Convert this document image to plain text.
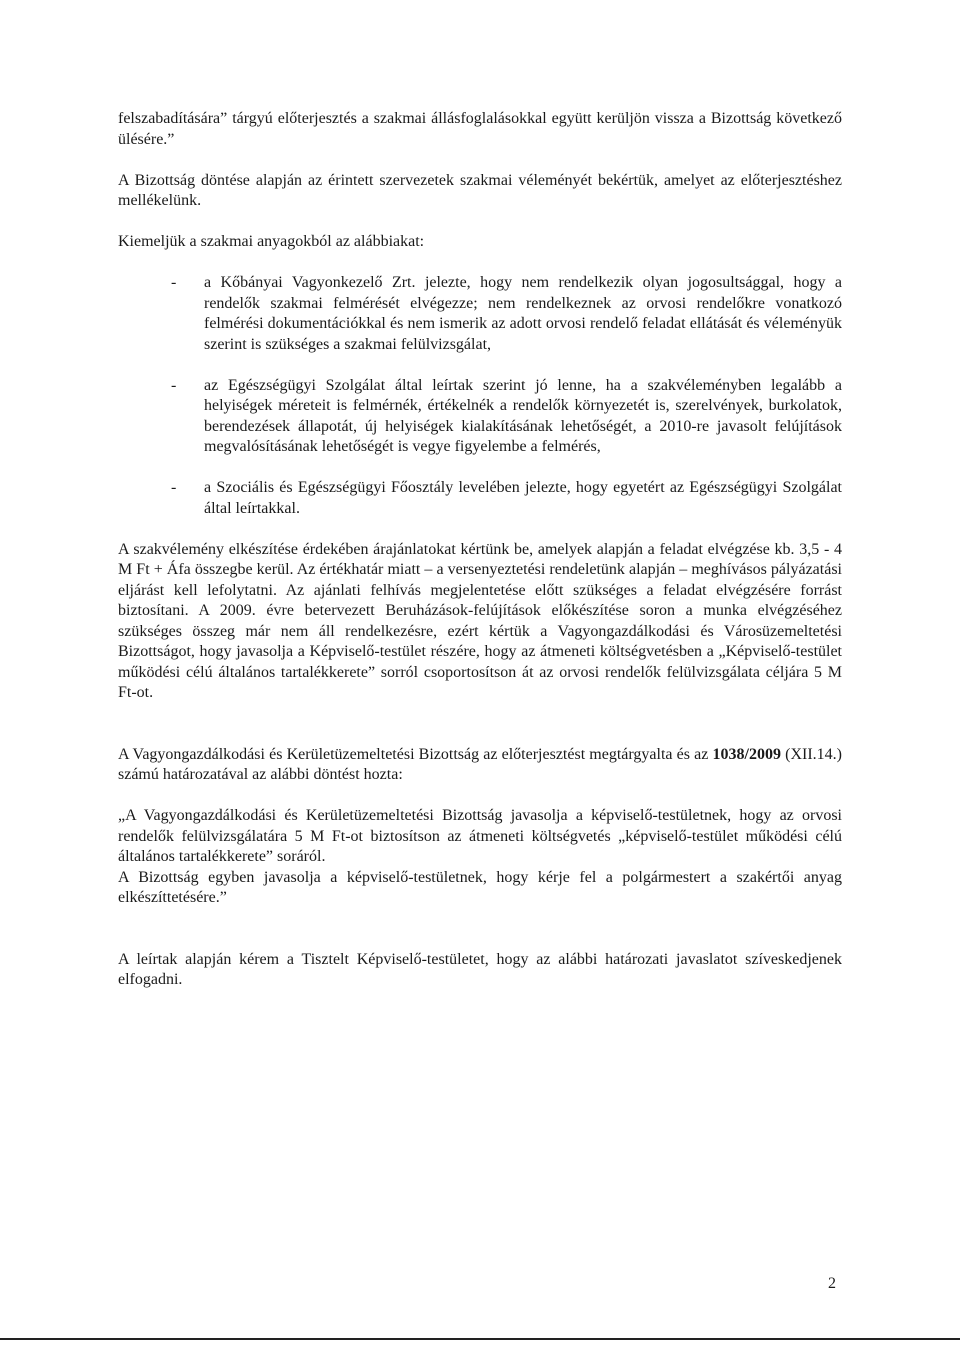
felszabadítására” tárgyú előterjesztés a szakmai állásfoglalásokkal együtt kerüljön vissza a Bizottság következő ülésére.”

A Bizottság döntése alapján az érintett szervezetek szakmai véleményét bekértük, amelyet az előterjesztéshez mellékelünk.

Kiemeljük a szakmai anyagokból az alábbiakat:

- a Kőbányai Vagyonkezelő Zrt. jelezte, hogy nem rendelkezik olyan jogosultsággal, hogy a rendelők szakmai felmérését elvégezze; nem rendelkeznek az orvosi rendelőkre vonatkozó felmérési dokumentációkkal és nem ismerik az adott orvosi rendelő feladat ellátását és véleményük szerint is szükséges a szakmai felülvizsgálat,
- az Egészségügyi Szolgálat által leírtak szerint jó lenne, ha a szakvéleményben legalább a helyiségek méreteit is felmérnék, értékelnék a rendelők környezetét is, szerelvények, burkolatok, berendezések állapotát, új helyiségek kialakításának lehetőségét, a 2010-re javasolt felújítások megvalósításának lehetőségét is vegye figyelembe a felmérés,
- a Szociális és Egészségügyi Főosztály levelében jelezte, hogy egyetért az Egészségügyi Szolgálat által leírtakkal.

A szakvélemény elkészítése érdekében árajánlatokat kértünk be, amelyek alapján a feladat elvégzése kb. 3,5 - 4 M Ft + Áfa összegbe kerül. Az értékhatár miatt – a versenyeztetési rendeletünk alapján – meghívásos pályázatási eljárást kell lefolytatni. Az ajánlati felhívás megjelentetése előtt szükséges a feladat elvégzésére forrást biztosítani. A 2009. évre betervezett Beruházások-felújítások előkészítése soron a munka elvégzéséhez szükséges összeg már nem áll rendelkezésre, ezért kértük a Vagyongazdálkodási és Városüzemeltetési Bizottságot, hogy javasolja a Képviselő-testület részére, hogy az átmeneti költségvetésben a „Képviselő-testület működési célú általános tartalékkerete” sorról csoportosítson át az orvosi rendelők felülvizsgálata céljára 5 M Ft-ot.

A Vagyongazdálkodási és Kerületüzemeltetési Bizottság az előterjesztést megtárgyalta és az 1038/2009 (XII.14.) számú határozatával az alábbi döntést hozta:

„A Vagyongazdálkodási és Kerületüzemeltetési Bizottság javasolja a képviselő-testületnek, hogy az orvosi rendelők felülvizsgálatára 5 M Ft-ot biztosítson az átmeneti költségvetés „képviselő-testület működési célú általános tartalékkerete” soráról.

A Bizottság egyben javasolja a képviselő-testületnek, hogy kérje fel a polgármestert a szakértői anyag elkészíttetésére.”

A leírtak alapján kérem a Tisztelt Képviselő-testületet, hogy az alábbi határozati javaslatot szíveskedjenek elfogadni.

2
